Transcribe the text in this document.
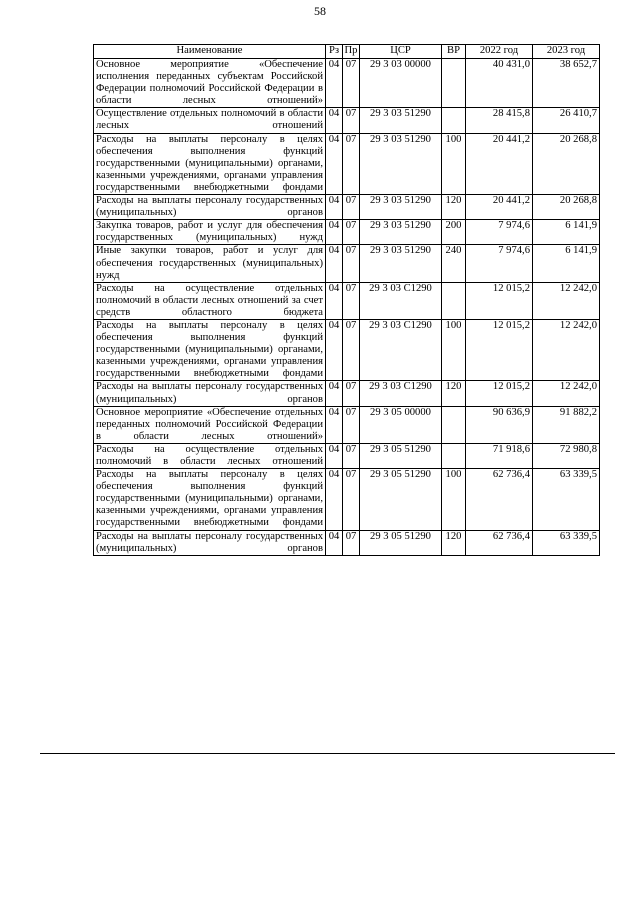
58
Наименование	Рз	Пр	ЦСР	ВР	2022 год	2023 год
Основное мероприятие «Обеспечение исполнения переданных субъектам Российской Федерации полномочий Российской Федерации в области лесных отношений»	04	07	29 3 03 00000		40 431,0	38 652,7
Осуществление отдельных полномочий в области лесных отношений	04	07	29 3 03 51290		28 415,8	26 410,7
Расходы на выплаты персоналу в целях обеспечения выполнения функций государственными (муниципальными) органами, казенными учреждениями, органами управления государственными внебюджетными фондами	04	07	29 3 03 51290	100	20 441,2	20 268,8
Расходы на выплаты персоналу государственных (муниципальных) органов	04	07	29 3 03 51290	120	20 441,2	20 268,8
Закупка товаров, работ и услуг для обеспечения государственных (муниципальных) нужд	04	07	29 3 03 51290	200	7 974,6	6 141,9
Иные закупки товаров, работ и услуг для обеспечения государственных (муниципальных) нужд	04	07	29 3 03 51290	240	7 974,6	6 141,9
Расходы на осуществление отдельных полномочий в области лесных отношений за счет средств областного бюджета	04	07	29 3 03 C1290		12 015,2	12 242,0
Расходы на выплаты персоналу в целях обеспечения выполнения функций государственными (муниципальными) органами, казенными учреждениями, органами управления государственными внебюджетными фондами	04	07	29 3 03 C1290	100	12 015,2	12 242,0
Расходы на выплаты персоналу государственных (муниципальных) органов	04	07	29 3 03 C1290	120	12 015,2	12 242,0
Основное мероприятие «Обеспечение отдельных переданных полномочий Российской Федерации в области лесных отношений»	04	07	29 3 05 00000		90 636,9	91 882,2
Расходы на осуществление отдельных полномочий в области лесных отношений	04	07	29 3 05 51290		71 918,6	72 980,8
Расходы на выплаты персоналу в целях обеспечения выполнения функций государственными (муниципальными) органами, казенными учреждениями, органами управления государственными внебюджетными фондами	04	07	29 3 05 51290	100	62 736,4	63 339,5
Расходы на выплаты персоналу государственных (муниципальных) органов	04	07	29 3 05 51290	120	62 736,4	63 339,5
